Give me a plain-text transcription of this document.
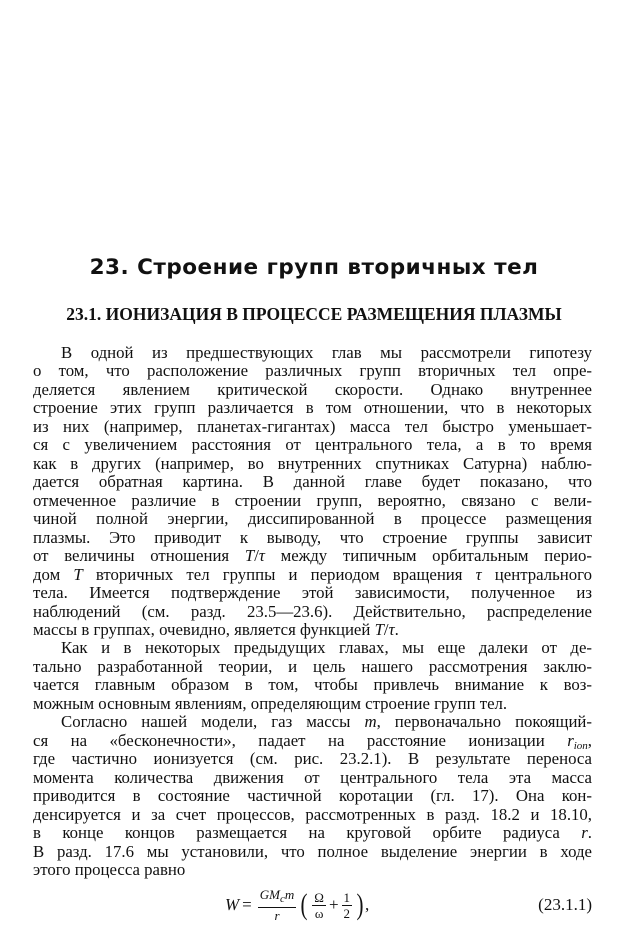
23. Строение групп вторичных тел
23.1. ИОНИЗАЦИЯ В ПРОЦЕССЕ РАЗМЕЩЕНИЯ ПЛАЗМЫ
В одной из предшествующих глав мы рассмотрели гипотезу
о том, что расположение различных групп вторичных тел опре-
деляется явлением критической скорости. Однако внутреннее
строение этих групп различается в том отношении, что в некоторых
из них (например, планетах-гигантах) масса тел быстро уменьшает-
ся с увеличением расстояния от центрального тела, а в то время
как в других (например, во внутренних спутниках Сатурна) наблю-
дается обратная картина. В данной главе будет показано, что
отмеченное различие в строении групп, вероятно, связано с вели-
чиной полной энергии, диссипированной в процессе размещения
плазмы. Это приводит к выводу, что строение группы зависит
от величины отношения T/τ между типичным орбитальным перио-
дом T вторичных тел группы и периодом вращения τ центрального
тела. Имеется подтверждение этой зависимости, полученное из
наблюдений (см. разд. 23.5—23.6). Действительно, распределение
массы в группах, очевидно, является функцией T/τ.
Как и в некоторых предыдущих главах, мы еще далеки от де-
тально разработанной теории, и цель нашего рассмотрения заклю-
чается главным образом в том, чтобы привлечь внимание к воз-
можным основным явлениям, определяющим строение групп тел.
Согласно нашей модели, газ массы m, первоначально покоящий-
ся на «бесконечности», падает на расстояние ионизации $r_{ion}$,
где частично ионизуется (см. рис. 23.2.1). В результате переноса
момента количества движения от центрального тела эта масса
приводится в состояние частичной коротации (гл. 17). Она кон-
денсируется и за счет процессов, рассмотренных в разд. 18.2 и 18.10,
в конце концов размещается на круговой орбите радиуса r.
В разд. 17.6 мы установили, что полное выделение энергии в ходе
этого процесса равно
$W = \frac{GM_cm}{r}$ ( $\frac{\Omega}{\omega} + \frac{1}{2}$ ) ,	(23.1.1)
